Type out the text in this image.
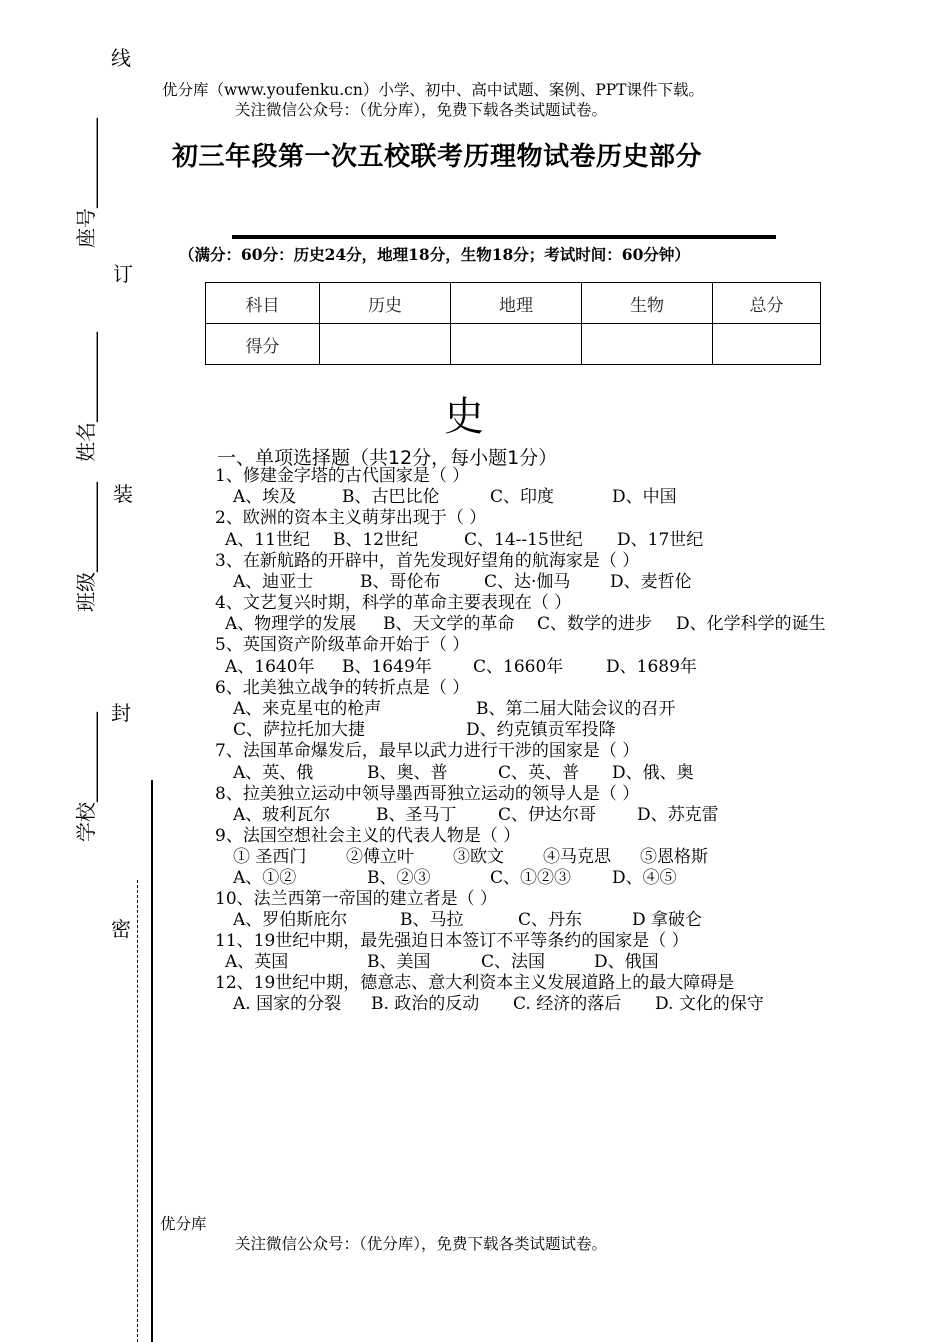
线
订
装
封
密
座号_________
姓名_________
班级_________
学校_________
优分库（www.youfenku.cn）小学、初中、高中试题、案例、PPT课件下载。
关注微信公众号：（优分库），免费下载各类试题试卷。
初三年段第一次五校联考历理物试卷历史部分
（满分：60分：历史24分，地理18分，生物18分；考试时间：60分钟）
科目	历史	地理	生物	总分
得分				
史
一、单项选择题（共12分，每小题1分）
1、修建金字塔的古代国家是（ ）
A、埃及	B、古巴比伦	C、印度	D、中国
2、欧洲的资本主义萌芽出现于（ ）
A、11世纪 B、12世纪	C、14--15世纪 D、17世纪
3、在新航路的开辟中，首先发现好望角的航海家是（ ）
A、迪亚士	B、哥伦布	C、达·伽马 D、麦哲伦
4、文艺复兴时期，科学的革命主要表现在（ ）
A、物理学的发展 B、天文学的革命 C、数学的进步 D、化学科学的诞生
5、英国资产阶级革命开始于（ ）
A、1640年 B、1649年 C、1660年	D、1689年
6、北美独立战争的转折点是（ ）
A、来克星屯的枪声	B、第二届大陆会议的召开
C、萨拉托加大捷	D、约克镇贡军投降
7、法国革命爆发后，最早以武力进行干涉的国家是（ ）
A、英、俄	B、奥、普	C、英、普 D、俄、奥
8、拉美独立运动中领导墨西哥独立运动的领导人是（ ）
A、玻利瓦尔	B、圣马丁 C、伊达尔哥 D、苏克雷
9、法国空想社会主义的代表人物是（ ）
① 圣西门 ②傅立叶 ③欧文 ④马克思 ⑤恩格斯
A、①②	B、②③	C、①②③ D、④⑤
10、法兰西第一帝国的建立者是（ ）
A、罗伯斯庇尔	B、马拉	C、丹东	D 拿破仑
11、19世纪中期，最先强迫日本签订不平等条约的国家是（ ）
A、英国	B、美国	C、法国	D、俄国
12、19世纪中期，德意志、意大利资本主义发展道路上的最大障碍是
A. 国家的分裂 B. 政治的反动 C. 经济的落后 D. 文化的保守
优分库
关注微信公众号：（优分库），免费下载各类试题试卷。
